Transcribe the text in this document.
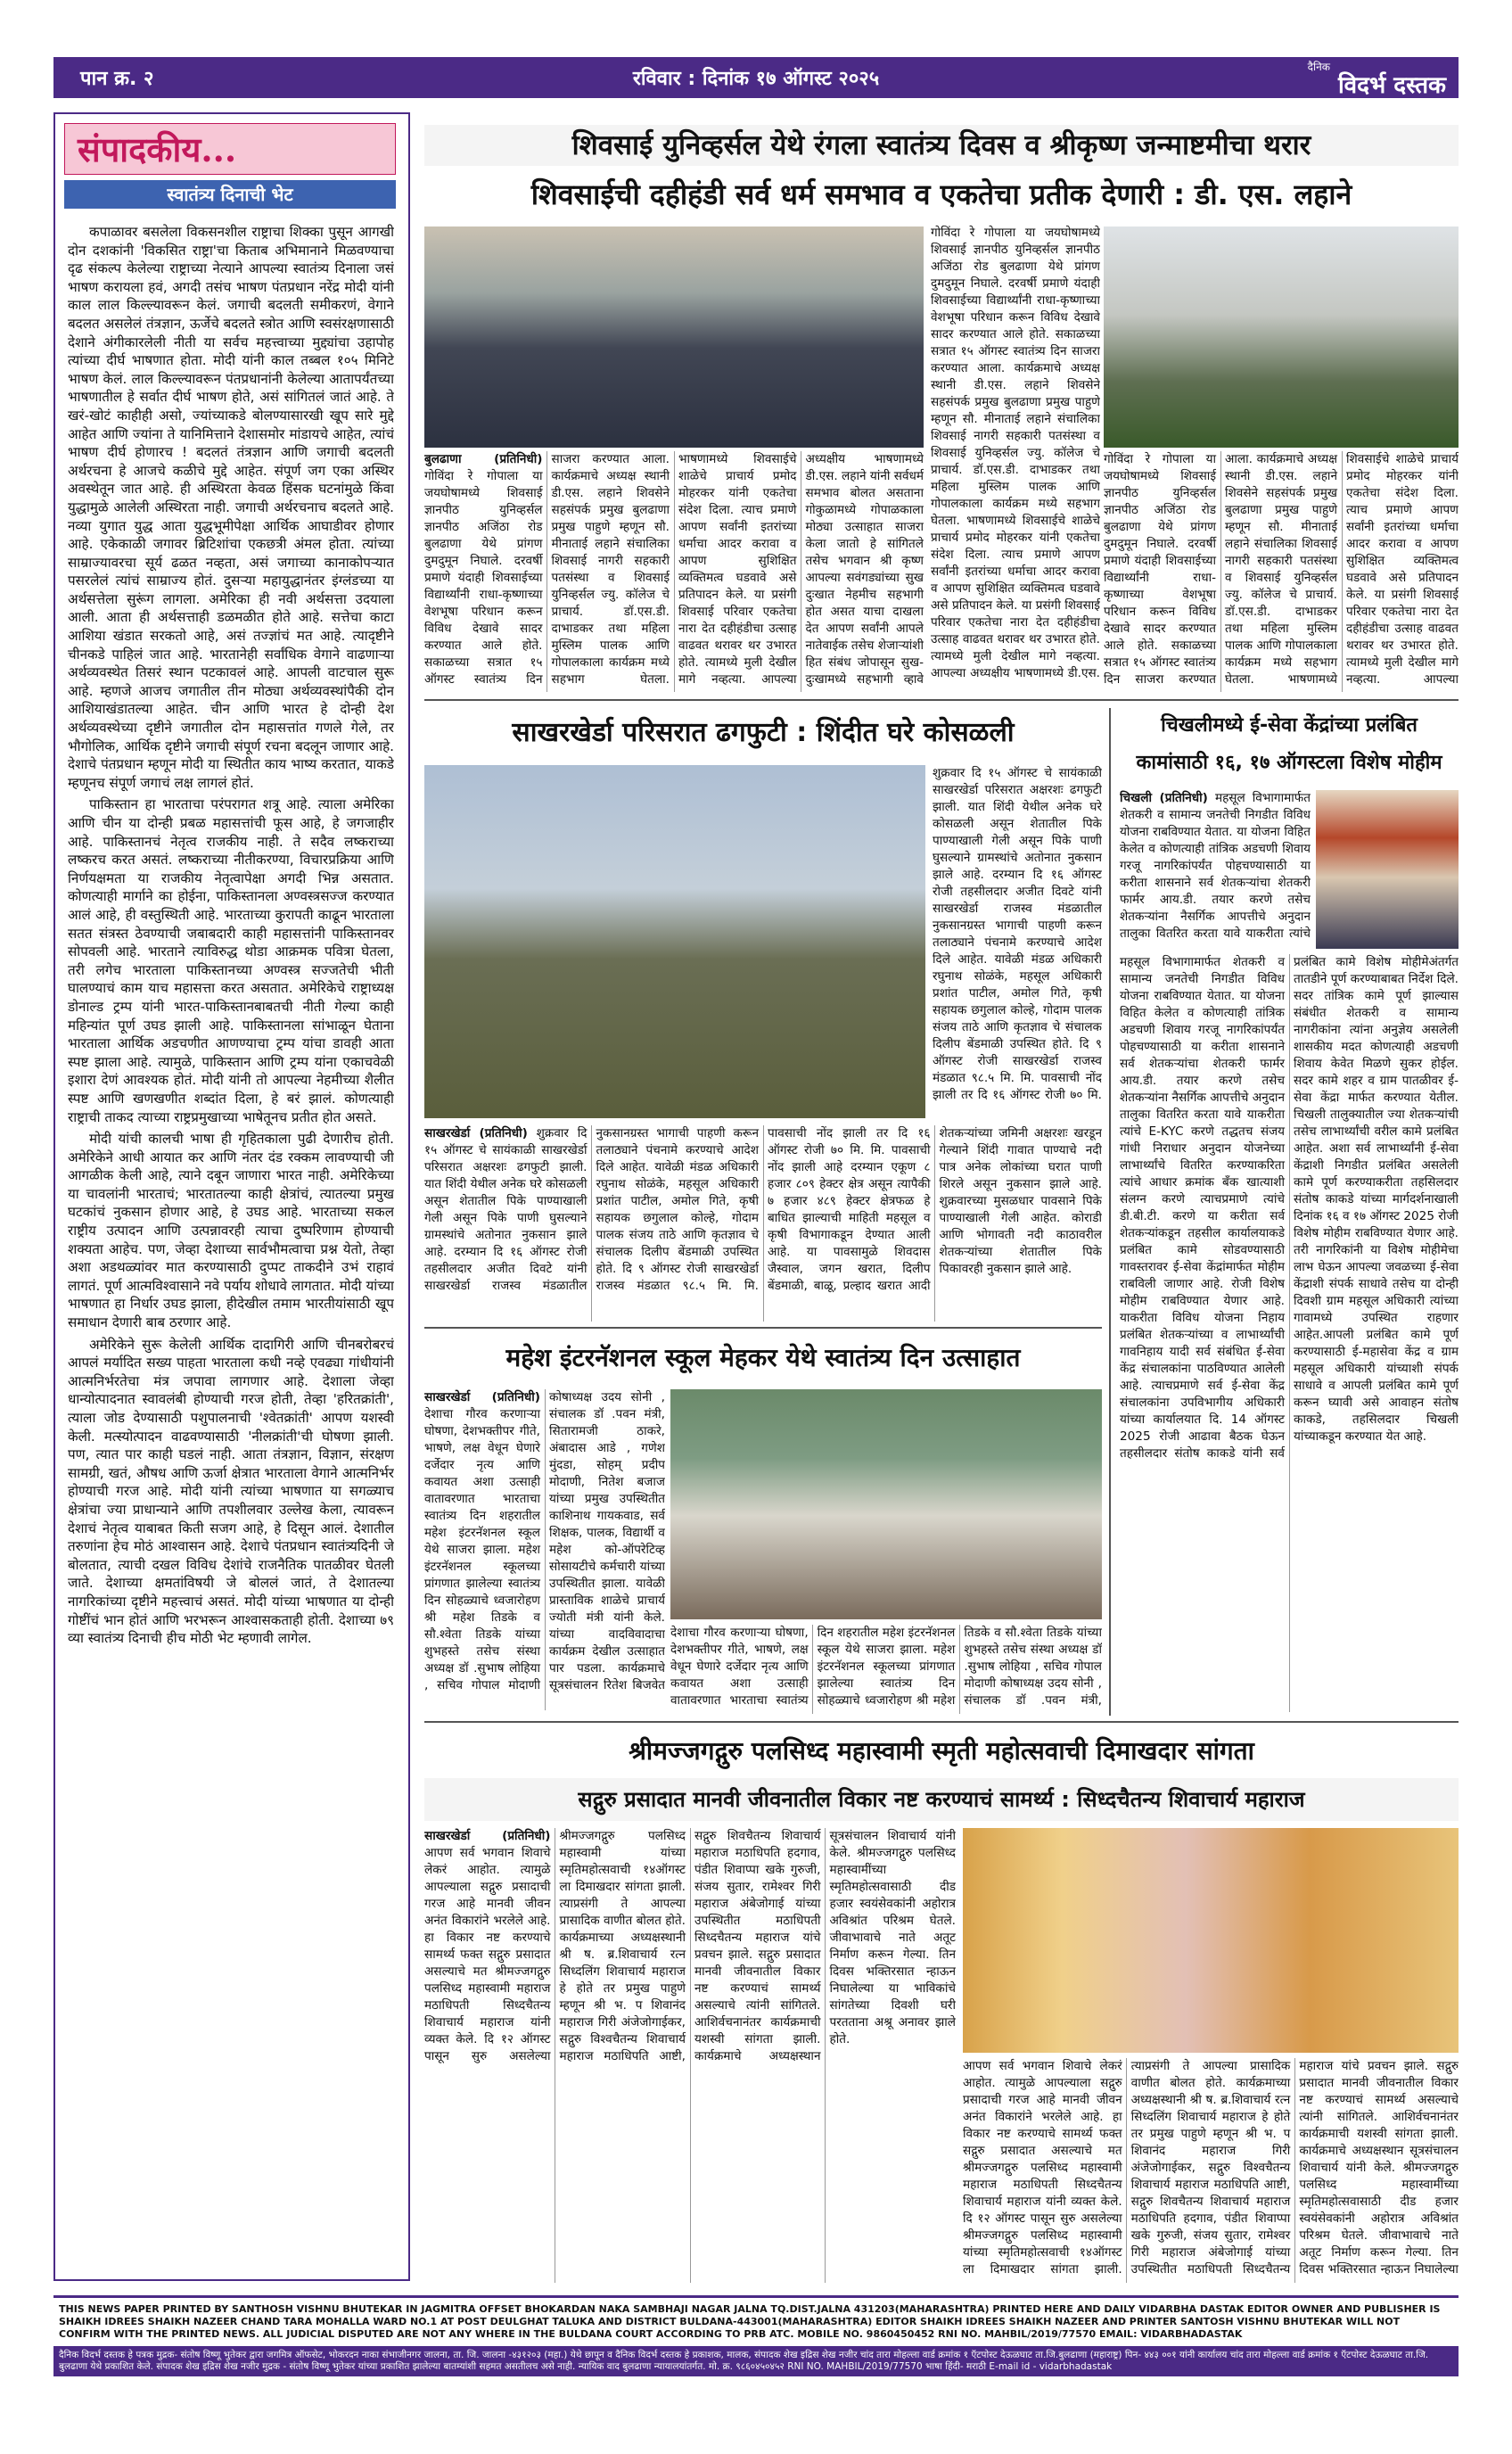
पान क्र. २	रविवार : दिनांक १७ ऑगस्ट २०२५
दैनिक
विदर्भ दस्तक
संपादकीय...
स्वातंत्र्य दिनाची भेट

कपाळावर बसलेला विकसनशील राष्ट्राचा शिक्का पुसून आगखी दोन दशकांनी 'विकसित राष्ट्रा'चा किताब अभिमानाने मिळवण्याचा दृढ संकल्प केलेल्या राष्ट्राच्या नेत्याने आपल्या स्वातंत्र्य दिनाला जसं भाषण करायला हवं, अगदी तसंच भाषण पंतप्रधान नरेंद्र मोदी यांनी काल लाल किल्ल्यावरून केलं. जगाची बदलती समीकरणं, वेगाने बदलत असलेलं तंत्रज्ञान, ऊर्जेचे बदलते स्त्रोत आणि स्वसंरक्षणासाठी देशाने अंगीकारलेली नीती या सर्वच महत्त्वाच्या मुद्द्यांचा उहापोह त्यांच्या दीर्घ भाषणात होता. मोदी यांनी काल तब्बल १०५ मिनिटे भाषण केलं. लाल किल्ल्यावरून पंतप्रधानांनी केलेल्या आतापर्यंतच्या भाषणातील हे सर्वात दीर्घ भाषण होते, असं सांगितलं जातं आहे. ते खरं-खोटं काहीही असो, ज्यांच्याकडे बोलण्यासारखी खूप सारे मुद्दे आहेत आणि ज्यांना ते यानिमित्ताने देशासमोर मांडायचे आहेत, त्यांचं भाषण दीर्घ होणारच ! बदलतं तंत्रज्ञान आणि जगाची बदलती अर्थरचना हे आजचे कळीचे मुद्दे आहेत. संपूर्ण जग एका अस्थिर अवस्थेतून जात आहे. ही अस्थिरता केवळ हिंसक घटनांमुळे किंवा युद्धामुळे आलेली अस्थिरता नाही. जगाची अर्थरचनाच बदलते आहे. नव्या युगात युद्ध आता युद्धभूमीपेक्षा आर्थिक आघाडीवर होणार आहे. एकेकाळी जगावर ब्रिटिशांचा एकछत्री अंमल होता. त्यांच्या साम्राज्यावरचा सूर्य ढळत नव्हता, असं जगाच्या कानाकोपऱ्यात पसरलेलं त्यांचं साम्राज्य होतं. दुसऱ्या महायुद्धानंतर इंग्लंडच्या या अर्थसत्तेला सुरूंग लागला. अमेरिका ही नवी अर्थसत्ता उदयाला आली. आता ही अर्थसत्ताही डळमळीत होते आहे. सत्तेचा काटा आशिया खंडात सरकतो आहे, असं तज्ज्ञांचं मत आहे. त्यादृष्टीने चीनकडे पाहिलं जात आहे. भारतानेही सर्वांधिक वेगाने वाढणाऱ्या अर्थव्यवस्थेत तिसरं स्थान पटकावलं आहे. आपली वाटचाल सुरू आहे. म्हणजे आजच जगातील तीन मोठ्या अर्थव्यवस्थांपैकी दोन आशियाखंडातल्या आहेत. चीन आणि भारत हे दोन्ही देश अर्थव्यवस्थेच्या दृष्टीने जगातील दोन महासत्तांत गणले गेले, तर भौगोलिक, आर्थिक दृष्टीने जगाची संपूर्ण रचना बदलून जाणार आहे. देशाचे पंतप्रधान म्हणून मोदी या स्थितीत काय भाष्य करतात, याकडे म्हणूनच संपूर्ण जगाचं लक्ष लागलं होतं.

पाकिस्तान हा भारताचा परंपरागत शत्रू आहे. त्याला अमेरिका आणि चीन या दोन्ही प्रबळ महासत्तांची फूस आहे, हे जगजाहीर आहे. पाकिस्तानचं नेतृत्व राजकीय नाही. ते सदैव लष्कराच्या लष्करच करत असतं. लष्कराच्या नीतीकरण्या, विचारप्रक्रिया आणि निर्णयक्षमता या राजकीय नेतृत्वापेक्षा अगदी भिन्न असतात. कोणत्याही मार्गाने का होईना, पाकिस्तानला अण्वस्त्रसज्ज करण्यात आलं आहे, ही वस्तुस्थिती आहे. भारताच्या कुरापती काढून भारताला सतत संत्रस्त ठेवण्याची जबाबदारी काही महासत्तांनी पाकिस्तानवर सोपवली आहे. भारताने त्याविरुद्ध थोडा आक्रमक पवित्रा घेतला, तरी लगेच भारताला पाकिस्तानच्या अण्वस्त्र सज्जतेची भीती घालण्याचं काम याच महासत्ता करत असतात. अमेरिकेचे राष्ट्राध्यक्ष डोनाल्ड ट्रम्प यांनी भारत-पाकिस्तानबाबतची नीती गेल्या काही महिन्यांत पूर्ण उघड झाली आहे. पाकिस्तानला सांभाळून घेताना भारताला आर्थिक अडचणीत आणण्याचा ट्रम्प यांचा डावही आता स्पष्ट झाला आहे. त्यामुळे, पाकिस्तान आणि ट्रम्प यांना एकाचवेळी इशारा देणं आवश्यक होतं. मोदी यांनी तो आपल्या नेहमीच्या शैलीत स्पष्ट आणि खणखणीत शब्दांत दिला, हे बरं झालं. कोणत्याही राष्ट्राची ताकद त्याच्या राष्ट्रप्रमुखाच्या भाषेतूनच प्रतीत होत असते.

मोदी यांची कालची भाषा ही गृहितकाला पुढी देणारीच होती. अमेरिकेने आधी आयात कर आणि नंतर दंड रक्कम लावण्याची जी आगळीक केली आहे, त्याने दबून जाणारा भारत नाही. अमेरिकेच्या या चावलांनी भारताचं; भारतातल्या काही क्षेत्रांचं, त्यातल्या प्रमुख घटकांचं नुकसान होणार आहे, हे उघड आहे. भारताच्या सकल राष्ट्रीय उत्पादन आणि उत्पन्नावरही त्याचा दुष्परिणाम होण्याची शक्यता आहेच. पण, जेव्हा देशाच्या सार्वभौमत्वाचा प्रश्न येतो, तेव्हा अशा अडथळ्यांवर मात करण्यासाठी दुप्पट ताकदीने उभं राहावं लागतं. पूर्ण आत्मविश्वासाने नवे पर्याय शोधावे लागतात. मोदी यांच्या भाषणात हा निर्धार उघड झाला, हीदेखील तमाम भारतीयांसाठी खूप समाधान देणारी बाब ठरणार आहे.

अमेरिकेने सुरू केलेली आर्थिक दादागिरी आणि चीनबरोबरचं आपलं मर्यादित सख्य पाहता भारताला कधी नव्हे एवढ्या गांधीयांनी आत्मनिर्भरतेचा मंत्र जपावा लागणार आहे. देशाला जेव्हा धान्योत्पादनात स्वावलंबी होण्याची गरज होती, तेव्हा 'हरितक्रांती', त्याला जोड देण्यासाठी पशुपालनाची 'श्वेतक्रांती' आपण यशस्वी केली. मत्स्योत्पादन वाढवण्यासाठी 'नीलक्रांती'ची घोषणा झाली. पण, त्यात पार काही घडलं नाही. आता तंत्रज्ञान, विज्ञान, संरक्षण सामग्री, खतं, औषध आणि ऊर्जा क्षेत्रात भारताला वेगाने आत्मनिर्भर होण्याची गरज आहे. मोदी यांनी त्यांच्या भाषणात या सगळ्याच क्षेत्रांचा ज्या प्राधान्याने आणि तपशीलवार उल्लेख केला, त्यावरून देशाचं नेतृत्व याबाबत किती सजग आहे, हे दिसून आलं. देशातील तरुणांना हेच मोठं आश्वासन आहे. देशाचे पंतप्रधान स्वातंत्र्यदिनी जे बोलतात, त्याची दखल विविध देशांचे राजनैतिक पातळीवर घेतली जाते. देशाच्या क्षमतांविषयी जे बोललं जातं, ते देशातल्या नागरिकांच्या दृष्टीने महत्त्वाचं असतं. मोदी यांच्या भाषणात या दोन्ही गोष्टींचं भान होतं आणि भरभरून आश्वासकताही होती. देशाच्या ७९ व्या स्वातंत्र्य दिनाची हीच मोठी भेट म्हणावी लागेल.

शिवसाई युनिव्हर्सल येथे रंगला स्वातंत्र्य दिवस व श्रीकृष्ण जन्माष्टमीचा थरार
शिवसाईची दहीहंडी सर्व धर्म समभाव व एकतेचा प्रतीक देणारी : डी. एस. लहाने
बुलढाणा (प्रतिनिधी) गोविंदा रे गोपाला या जयघोषामध्ये शिवसाई ज्ञानपीठ युनिव्हर्सल ज्ञानपीठ अजिंठा रोड बुलढाणा येथे प्रांगण दुमदुमून निघाले. दरवर्षी प्रमाणे यंदाही शिवसाईच्या विद्यार्थ्यांनी राधा-कृष्णाच्या वेशभूषा परिधान करून विविध देखावे सादर करण्यात आले होते. सकाळच्या सत्रात १५ ऑगस्ट स्वातंत्र्य दिन साजरा करण्यात आला. कार्यक्रमाचे अध्यक्ष स्थानी डी.एस. लहाने शिवसेने सहसंपर्क प्रमुख बुलढाणा प्रमुख पाहुणे म्हणून सौ. मीनाताई लहाने संचालिका शिवसाई नागरी सहकारी पतसंस्था व शिवसाई युनिव्हर्सल ज्यु. कॉलेज चे प्राचार्य. डॉ.एस.डी. दाभाडकर तथा महिला मुस्लिम पालक आणि गोपालकाला कार्यक्रम मध्ये सहभाग घेतला. भाषणामध्ये शिवसाईचे शाळेचे प्राचार्य प्रमोद मोहरकर यांनी एकतेचा संदेश दिला. त्याच प्रमाणे आपण सर्वांनी इतरांच्या धर्माचा आदर करावा व आपण सुशिक्षित व्यक्तिमत्व घडवावे असे प्रतिपादन केले. या प्रसंगी शिवसाई परिवार एकतेचा नारा देत दहीहंडीचा उत्साह वाढवत थरावर थर उभारत होते. त्यामध्ये मुली देखील मागे नव्हत्या. आपल्या अध्यक्षीय भाषणामध्ये डी.एस. लहाने यांनी सर्वधर्म समभाव बोलत असताना गोकुळामध्ये गोपाळकाला मोठ्या उत्साहात साजरा केला जातो हे सांगितले तसेच भगवान श्री कृष्ण आपल्या सवंगड्यांच्या सुख दुःखात नेहमीच सहभागी होत असत याचा दाखला देत आपण सर्वांनी आपले नातेवाईक तसेच शेजाऱ्यांशी हित संबंध जोपासून सुख-दुःखामध्ये सहभागी व्हावे
गोविंदा रे गोपाला या जयघोषामध्ये शिवसाई ज्ञानपीठ युनिव्हर्सल ज्ञानपीठ अजिंठा रोड बुलढाणा येथे प्रांगण दुमदुमून निघाले. दरवर्षी प्रमाणे यंदाही शिवसाईच्या विद्यार्थ्यांनी राधा-कृष्णाच्या वेशभूषा परिधान करून विविध देखावे सादर करण्यात आले होते. सकाळच्या सत्रात १५ ऑगस्ट स्वातंत्र्य दिन साजरा करण्यात आला. कार्यक्रमाचे अध्यक्ष स्थानी डी.एस. लहाने शिवसेने सहसंपर्क प्रमुख बुलढाणा प्रमुख पाहुणे म्हणून सौ. मीनाताई लहाने संचालिका शिवसाई नागरी सहकारी पतसंस्था व शिवसाई युनिव्हर्सल ज्यु. कॉलेज चे प्राचार्य. डॉ.एस.डी. दाभाडकर तथा महिला मुस्लिम पालक आणि गोपालकाला कार्यक्रम मध्ये सहभाग घेतला. भाषणामध्ये शिवसाईचे शाळेचे प्राचार्य प्रमोद मोहरकर यांनी एकतेचा संदेश दिला. त्याच प्रमाणे आपण सर्वांनी इतरांच्या धर्माचा आदर करावा व आपण सुशिक्षित व्यक्तिमत्व घडवावे असे प्रतिपादन केले. या प्रसंगी शिवसाई परिवार एकतेचा नारा देत दहीहंडीचा उत्साह वाढवत थरावर थर उभारत होते. त्यामध्ये मुली देखील मागे नव्हत्या. आपल्या अध्यक्षीय भाषणामध्ये डी.एस.
गोविंदा रे गोपाला या जयघोषामध्ये शिवसाई ज्ञानपीठ युनिव्हर्सल ज्ञानपीठ अजिंठा रोड बुलढाणा येथे प्रांगण दुमदुमून निघाले. दरवर्षी प्रमाणे यंदाही शिवसाईच्या विद्यार्थ्यांनी राधा-कृष्णाच्या वेशभूषा परिधान करून विविध देखावे सादर करण्यात आले होते. सकाळच्या सत्रात १५ ऑगस्ट स्वातंत्र्य दिन साजरा करण्यात आला. कार्यक्रमाचे अध्यक्ष स्थानी डी.एस. लहाने शिवसेने सहसंपर्क प्रमुख बुलढाणा प्रमुख पाहुणे म्हणून सौ. मीनाताई लहाने संचालिका शिवसाई नागरी सहकारी पतसंस्था व शिवसाई युनिव्हर्सल ज्यु. कॉलेज चे प्राचार्य. डॉ.एस.डी. दाभाडकर तथा महिला मुस्लिम पालक आणि गोपालकाला कार्यक्रम मध्ये सहभाग घेतला. भाषणामध्ये शिवसाईचे शाळेचे प्राचार्य प्रमोद मोहरकर यांनी एकतेचा संदेश दिला. त्याच प्रमाणे आपण सर्वांनी इतरांच्या धर्माचा आदर करावा व आपण सुशिक्षित व्यक्तिमत्व घडवावे असे प्रतिपादन केले. या प्रसंगी शिवसाई परिवार एकतेचा नारा देत दहीहंडीचा उत्साह वाढवत थरावर थर उभारत होते. त्यामध्ये मुली देखील मागे नव्हत्या. आपल्या
साखरखेर्डा परिसरात ढगफुटी : शिंदीत घरे कोसळली
शुक्रवार दि १५ ऑगस्ट चे सायंकाळी साखरखेर्डा परिसरात अक्षरशः ढगफुटी झाली. यात शिंदी येथील अनेक घरे कोसळली असून शेतातील पिके पाण्याखाली गेली असून पिके पाणी घुसल्याने ग्रामस्थांचे अतोनात नुकसान झाले आहे. दरम्यान दि १६ ऑगस्ट रोजी तहसीलदार अजीत दिवटे यांनी साखरखेर्डा राजस्व मंडळातील नुकसानग्रस्त भागाची पाहणी करून तलाठ्याने पंचनामे करण्याचे आदेश दिले आहेत. यावेळी मंडळ अधिकारी रघुनाथ सोळंके, महसूल अधिकारी प्रशांत पाटील, अमोल गिते, कृषी सहायक छगुलाल कोल्हे, गोदाम पालक संजय ताठे आणि कृतज्ञाव चे संचालक दिलीप बेंडमाळी उपस्थित होते. दि ९ ऑगस्ट रोजी साखरखेर्डा राजस्व मंडळात ९८.५ मि. मि. पावसाची नोंद झाली तर दि १६ ऑगस्ट रोजी ७० मि.
साखरखेर्डा (प्रतिनिधी) शुक्रवार दि १५ ऑगस्ट चे सायंकाळी साखरखेर्डा परिसरात अक्षरशः ढगफुटी झाली. यात शिंदी येथील अनेक घरे कोसळली असून शेतातील पिके पाण्याखाली गेली असून पिके पाणी घुसल्याने ग्रामस्थांचे अतोनात नुकसान झाले आहे. दरम्यान दि १६ ऑगस्ट रोजी तहसीलदार अजीत दिवटे यांनी साखरखेर्डा राजस्व मंडळातील नुकसानग्रस्त भागाची पाहणी करून तलाठ्याने पंचनामे करण्याचे आदेश दिले आहेत. यावेळी मंडळ अधिकारी रघुनाथ सोळंके, महसूल अधिकारी प्रशांत पाटील, अमोल गिते, कृषी सहायक छगुलाल कोल्हे, गोदाम पालक संजय ताठे आणि कृतज्ञाव चे संचालक दिलीप बेंडमाळी उपस्थित होते. दि ९ ऑगस्ट रोजी साखरखेर्डा राजस्व मंडळात ९८.५ मि. मि. पावसाची नोंद झाली तर दि १६ ऑगस्ट रोजी ७० मि. मि. पावसाची नोंद झाली आहे दरम्यान एकूण ८ हजार ८०९ हेक्टर क्षेत्र असून त्यापैकी ७ हजार ४८९ हेक्टर क्षेत्रफळ हे बाधित झाल्याची माहिती महसूल व कृषी विभागाकडून देण्यात आली आहे. या पावसामुळे शिवदास जैस्वाल, जगन खरात, दिलीप बेंडमाळी, बाळू, प्रल्हाद खरात आदी शेतकऱ्यांच्या जमिनी अक्षरशः खरडून गेल्याने शिंदी गावात पाण्याचे नदी पात्र अनेक लोकांच्या घरात पाणी शिरले असून नुकसान झाले आहे. शुक्रवारच्या मुसळधार पावसाने पिके पाण्याखाली गेली आहेत. कोराडी आणि भोगावती नदी काठावरील शेतकऱ्यांच्या शेतातील पिके पिकावरही नुकसान झाले आहे.
चिखलीमध्ये ई-सेवा केंद्रांच्या प्रलंबित
कामांसाठी १६, १७ ऑगस्टला विशेष मोहीम
चिखली (प्रतिनिधी) महसूल विभागामार्फत शेतकरी व सामान्य जनतेची निगडीत विविध योजना राबविण्यात येतात. या योजना विहित केलेत व कोणत्याही तांत्रिक अडचणी शिवाय गरजू नागरिकांपर्यंत पोहचण्यासाठी या करीता शासनाने सर्व शेतकऱ्यांचा शेतकरी फार्मर आय.डी. तयार करणे तसेच शेतकऱ्यांना नैसर्गिक आपत्तीचे अनुदान तालुका वितरित करता यावे याकरीता त्यांचे
महसूल विभागामार्फत शेतकरी व सामान्य जनतेची निगडीत विविध योजना राबविण्यात येतात. या योजना विहित केलेत व कोणत्याही तांत्रिक अडचणी शिवाय गरजू नागरिकांपर्यंत पोहचण्यासाठी या करीता शासनाने सर्व शेतकऱ्यांचा शेतकरी फार्मर आय.डी. तयार करणे तसेच शेतकऱ्यांना नैसर्गिक आपत्तीचे अनुदान तालुका वितरित करता यावे याकरीता त्यांचे E-KYC करणे तद्धतच संजय गांधी निराधार अनुदान योजनेच्या लाभार्थ्यांचे वितरित करण्याकरिता त्यांचे आधार क्रमांक बँक खात्याशी संलग्न करणे त्याचप्रमाणे त्यांचे डी.बी.टी. करणे या करीता सर्व शेतकऱ्यांकडून तहसील कार्यालयाकडे प्रलंबित कामे सोडवण्यासाठी गावस्तरावर ई-सेवा केंद्रांमार्फत मोहीम राबविली जाणार आहे. रोजी विशेष मोहीम राबविण्यात येणार आहे. याकरीता विविध योजना निहाय प्रलंबित शेतकऱ्यांच्या व लाभार्थ्यांची गावनिहाय यादी सर्व संबंधित ई-सेवा केंद्र संचालकांना पाठविण्यात आलेली आहे. त्याचप्रमाणे सर्व ई-सेवा केंद्र संचालकांना उपविभागीय अधिकारी यांच्या कार्यालयात दि. 14 ऑगस्ट 2025 रोजी आढावा बैठक घेऊन तहसीलदार संतोष काकडे यांनी सर्व प्रलंबित कामे विशेष मोहीमेअंतर्गत तातडीने पूर्ण करण्याबाबत निर्देश दिले. सदर तांत्रिक कामे पूर्ण झाल्यास संबंधीत शेतकरी व सामान्य नागरीकांना त्यांना अनुज्ञेय असलेली शासकीय मदत कोणत्याही अडचणी शिवाय केवेत मिळणे सुकर होईल. सदर कामे शहर व ग्राम पातळीवर ई-सेवा केंद्रा मार्फत करण्यात येतील. चिखली तालुक्यातील ज्या शेतकऱ्यांची तसेच लाभार्थ्यांची वरील कामे प्रलंबित आहेत. अशा सर्व लाभार्थ्यांनी ई-सेवा केंद्राशी निगडीत प्रलंबित असलेली कामे पूर्ण करण्याकरीता तहसिलदार संतोष काकडे यांच्या मार्गदर्शनाखाली दिनांक १६ व १७ ऑगस्ट 2025 रोजी विशेष मोहीम राबविण्यात येणार आहे. तरी नागरिकांनी या विशेष मोहीमेचा लाभ घेऊन आपल्या जवळच्या ई-सेवा केंद्राशी संपर्क साधावे तसेच या दोन्ही दिवशी ग्राम महसूल अधिकारी त्यांच्या गावामध्ये उपस्थित राहणार आहेत.आपली प्रलंबित कामे पूर्ण करण्यासाठी ई-महासेवा केंद्र व ग्राम महसूल अधिकारी यांच्याशी संपर्क साधावे व आपली प्रलंबित कामे पूर्ण करून घ्यावी असे आवाहन संतोष काकडे, तहसिलदार चिखली यांच्याकडून करण्यात येत आहे.
महेश इंटरनॅशनल स्कूल मेहकर येथे स्वातंत्र्य दिन उत्साहात
साखरखेर्डा (प्रतिनिधी) देशाचा गौरव करणाऱ्या घोषणा, देशभक्तीपर गीते, भाषणे, लक्ष वेधून घेणारे दर्जेदार नृत्य आणि कवायत अशा उत्साही वातावरणात भारताचा स्वातंत्र्य दिन शहरातील महेश इंटरनॅशनल स्कूल येथे साजरा झाला. महेश इंटरनॅशनल स्कूलच्या प्रांगणात झालेल्या स्वातंत्र्य दिन सोहळ्याचे ध्वजारोहण श्री महेश तिडके व सौ.श्वेता तिडके यांच्या शुभहस्ते तसेच संस्था अध्यक्ष डॉ .सुभाष लोहिया , सचिव गोपाल मोदाणी कोषाध्यक्ष उदय सोनी , संचालक डॉ .पवन मंत्री, सितारामजी ठाकरे, अंबादास आडे , गणेश मुंदडा, सोहम् प्रदीप मोदाणी, नितेश बजाज यांच्या प्रमुख उपस्थितीत काशिनाथ गायकवाड, सर्व शिक्षक, पालक, विद्यार्थी व महेश को-ऑपरेटिव्ह सोसायटीचे कर्मचारी यांच्या उपस्थितीत झाला. यावेळी प्रास्ताविक शाळेचे प्राचार्य ज्योती मंत्री यांनी केले. यांच्या वादविवादाचा कार्यक्रम देखील उत्साहात पार पडला. कार्यक्रमाचे सूत्रसंचालन रितेश बिजवेत
देशाचा गौरव करणाऱ्या घोषणा, देशभक्तीपर गीते, भाषणे, लक्ष वेधून घेणारे दर्जेदार नृत्य आणि कवायत अशा उत्साही वातावरणात भारताचा स्वातंत्र्य दिन शहरातील महेश इंटरनॅशनल स्कूल येथे साजरा झाला. महेश इंटरनॅशनल स्कूलच्या प्रांगणात झालेल्या स्वातंत्र्य दिन सोहळ्याचे ध्वजारोहण श्री महेश तिडके व सौ.श्वेता तिडके यांच्या शुभहस्ते तसेच संस्था अध्यक्ष डॉ .सुभाष लोहिया , सचिव गोपाल मोदाणी कोषाध्यक्ष उदय सोनी , संचालक डॉ .पवन मंत्री,
श्रीमज्जगद्गुरु पलसिध्द महास्वामी स्मृती महोत्सवाची दिमाखदार सांगता
सद्गुरु प्रसादात मानवी जीवनातील विकार नष्ट करण्याचं सामर्थ्य : सिध्दचैतन्य शिवाचार्य महाराज
साखरखेर्डा (प्रतिनिधी) आपण सर्व भगवान शिवाचे लेकरं आहोत. त्यामुळे आपल्याला सद्गुरु प्रसादाची गरज आहे मानवी जीवन अनंत विकारांने भरलेले आहे. हा विकार नष्ट करण्याचे सामर्थ्य फक्त सद्गुरु प्रसादात असल्याचे मत श्रीमज्जगद्गुरु पलसिध्द महास्वामी महाराज मठाधिपती सिध्दचैतन्य शिवाचार्य महाराज यांनी व्यक्त केले. दि १२ ऑगस्ट पासून सुरु असलेल्या श्रीमज्जगद्गुरु पलसिध्द महास्वामी यांच्या स्मृतिमहोत्सवाची १४ऑगस्ट ला दिमाखदार सांगता झाली. त्याप्रसंगी ते आपल्या प्रासादिक वाणीत बोलत होते. कार्यक्रमाच्या अध्यक्षस्थानी श्री ष. ब्र.शिवाचार्य रत्न सिध्दलिंग शिवाचार्य महाराज हे होते तर प्रमुख पाहुणे म्हणून श्री भ. प शिवानंद महाराज गिरी अंजेजोगाईकर, सद्गुरु विश्वचैतन्य शिवाचार्य महाराज मठाधिपति आष्टी, सद्गुरु शिवचैतन्य शिवाचार्य महाराज मठाधिपति हदगाव, पंडीत शिवाप्पा खके गुरुजी, संजय सुतार, रामेश्वर गिरी महाराज अंबेजोगाई यांच्या उपस्थितीत मठाधिपती सिध्दचैतन्य महाराज यांचे प्रवचन झाले. सद्गुरु प्रसादात मानवी जीवनातील विकार नष्ट करण्याचं सामर्थ्य असल्याचे त्यांनी सांगितले. आशिर्वचनानंतर कार्यक्रमाची यशस्वी सांगता झाली. कार्यक्रमाचे अध्यक्षस्थान सूत्रसंचालन शिवाचार्य यांनी केले. श्रीमज्जगद्गुरु पलसिध्द महास्वामींच्या स्मृतिमहोत्सवासाठी दीड हजार स्वयंसेवकांनी अहोरात्र अविश्रांत परिश्रम घेतले. जीवाभावाचे नाते अतूट निर्माण करून गेल्या. तिन दिवस भक्तिरसात न्हाऊन निघालेल्या या भाविकांचे सांगतेच्या दिवशी घरी परतताना अश्रू अनावर झाले होते.
आपण सर्व भगवान शिवाचे लेकरं आहोत. त्यामुळे आपल्याला सद्गुरु प्रसादाची गरज आहे मानवी जीवन अनंत विकारांने भरलेले आहे. हा विकार नष्ट करण्याचे सामर्थ्य फक्त सद्गुरु प्रसादात असल्याचे मत श्रीमज्जगद्गुरु पलसिध्द महास्वामी महाराज मठाधिपती सिध्दचैतन्य शिवाचार्य महाराज यांनी व्यक्त केले. दि १२ ऑगस्ट पासून सुरु असलेल्या श्रीमज्जगद्गुरु पलसिध्द महास्वामी यांच्या स्मृतिमहोत्सवाची १४ऑगस्ट ला दिमाखदार सांगता झाली. त्याप्रसंगी ते आपल्या प्रासादिक वाणीत बोलत होते. कार्यक्रमाच्या अध्यक्षस्थानी श्री ष. ब्र.शिवाचार्य रत्न सिध्दलिंग शिवाचार्य महाराज हे होते तर प्रमुख पाहुणे म्हणून श्री भ. प शिवानंद महाराज गिरी अंजेजोगाईकर, सद्गुरु विश्वचैतन्य शिवाचार्य महाराज मठाधिपति आष्टी, सद्गुरु शिवचैतन्य शिवाचार्य महाराज मठाधिपति हदगाव, पंडीत शिवाप्पा खके गुरुजी, संजय सुतार, रामेश्वर गिरी महाराज अंबेजोगाई यांच्या उपस्थितीत मठाधिपती सिध्दचैतन्य महाराज यांचे प्रवचन झाले. सद्गुरु प्रसादात मानवी जीवनातील विकार नष्ट करण्याचं सामर्थ्य असल्याचे त्यांनी सांगितले. आशिर्वचनानंतर कार्यक्रमाची यशस्वी सांगता झाली. कार्यक्रमाचे अध्यक्षस्थान सूत्रसंचालन शिवाचार्य यांनी केले. श्रीमज्जगद्गुरु पलसिध्द महास्वामींच्या स्मृतिमहोत्सवासाठी दीड हजार स्वयंसेवकांनी अहोरात्र अविश्रांत परिश्रम घेतले. जीवाभावाचे नाते अतूट निर्माण करून गेल्या. तिन दिवस भक्तिरसात न्हाऊन निघालेल्या
THIS NEWS PAPER PRINTED BY SANTHOSH VISHNU BHUTEKAR IN JAGMITRA OFFSET BHOKARDAN NAKA SAMBHAJI NAGAR JALNA TQ.DIST.JALNA 431203(MAHARASHTRA) PRINTED HERE AND DAILY VIDARBHA DASTAK EDITOR OWNER AND PUBLISHER IS SHAIKH IDREES SHAIKH NAZEER CHAND TARA MOHALLA WARD NO.1 AT POST DEULGHAT TALUKA AND DISTRICT BULDANA-443001(MAHARASHTRA) EDITOR SHAIKH IDREES SHAIKH NAZEER AND PRINTER SANTOSH VISHNU BHUTEKAR WILL NOT CONFIRM WITH THE PRINTED NEWS. ALL JUDICIAL DISPUTED ARE NOT ANY WHERE IN THE BULDANA COURT ACCORDING TO PRB ATC. MOBILE NO. 9860450452 RNI NO. MAHBIL/2019/77570 EMAIL: VIDARBHADASTAK
दैनिक विदर्भ दस्तक हे पत्रक मुद्रक- संतोष विष्णू भुतेकर द्वारा जगमित्र ऑफसेट, भोकरदन नाका संभाजीनगर जालना, ता. जि. जालना -४३१२०३ (महा.) येथे छापून व दैनिक विदर्भ दस्तक हे प्रकाशक, मालक, संपादक शेख इद्रिस शेख नजीर चांद तारा मोहल्ला वार्ड क्रमांक १ ऍटपोस्ट देऊळघाट ता.जि.बुलढाणा (महाराष्ट्र) पिन- ४४३ ००१ यांनी कार्यालय चांद तारा मोहल्ला वार्ड क्रमांक १ ऍटपोस्ट देऊळघाट ता.जि. बुलढाणा येथे प्रकाशित केले. संपादक शेख इद्रिस शेख नजीर मुद्रक - संतोष विष्णू भुतेकर यांच्या प्रकाशित झालेल्या बातम्यांशी सहमत असतीलच असे नाही. न्यायिक वाद बुलढाणा न्यायालयांतर्गत. मो. क्र. ९८६०४५०४५२ RNI NO. MAHBIL/2019/77570 भाषा हिंदी- मराठी E-mail id - vidarbhadastak
